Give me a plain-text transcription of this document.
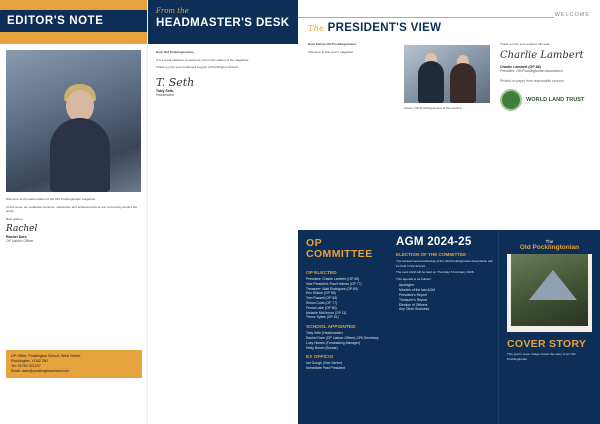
EDITOR'S NOTE

Welcome to the latest edition of the Old Pocklingtonian magazine.

In this issue, we celebrate reunions, milestones and achievements of our community around the world.

Best wishes

Rachel
Rachel Dare
OP Liaison Officer
OP Office, Pocklington School, West Green,
Pocklington, YO42 2NJ
Tel: 01759 321207
Email: dare@pocklingtonschool.com
From the
HEADMASTER'S DESK

Dear Old Pocklingtonians,

It is a great pleasure to welcome you to this edition of the magazine.

Thank you for your continued support of Pocklington School.

T. Seth
Toby Seth,
Headmaster
WELCOME
The PRESIDENT'S VIEW

Dear Fellow Old Pocklingtonians,

Welcome to this year's magazine.

Above: Old Pocklingtonians at the reunion.

Thank you for your support this year.

Charlie Lambert
Charlie Lambert (OP 88)
President, Old Pocklingtonian Association
Printed on paper from responsible sources
WORLD LAND TRUST
OP
COMMITTEE
OP ELECTED
President: Charlie Lambert (OP 88)
Vice President: Paul Holmes (OP 77)
Treasurer: Matt Rodrigues (OP 85)
Eric Wilson (OP 58)
Tom Russell (OP 83)
Simon Cutts (OP 77)
Fenna Lake (OP 80)
Melanie McKinnon (OP 11)
Trevor Sykes (OP 61)
SCHOOL APPOINTED
Toby Seth (Headmaster)
Rachel Dare (OP Liaison Officer) OPA Secretary
Lucy Homes (Fundraising Manager)
Hetty Brown (Bursar)
EX OFFICIO
Ian Gough (Vice Senior)
Immediate Past President
AGM 2024-25
ELECTION OF THE COMMITTEE

The Annual General Meeting of the Old Pocklingtonian Association will be held in the School.

The next AGM will be held on Thursday 5 February 2026.

This agenda is as follows:

Apologies
Minutes of the last AGM
President's Report
Treasurer's Report
Election of Officers
Any Other Business
The
Old Pocklingtonian
COVER STORY

This year's cover image shows the story of an Old Pocklingtonian.
